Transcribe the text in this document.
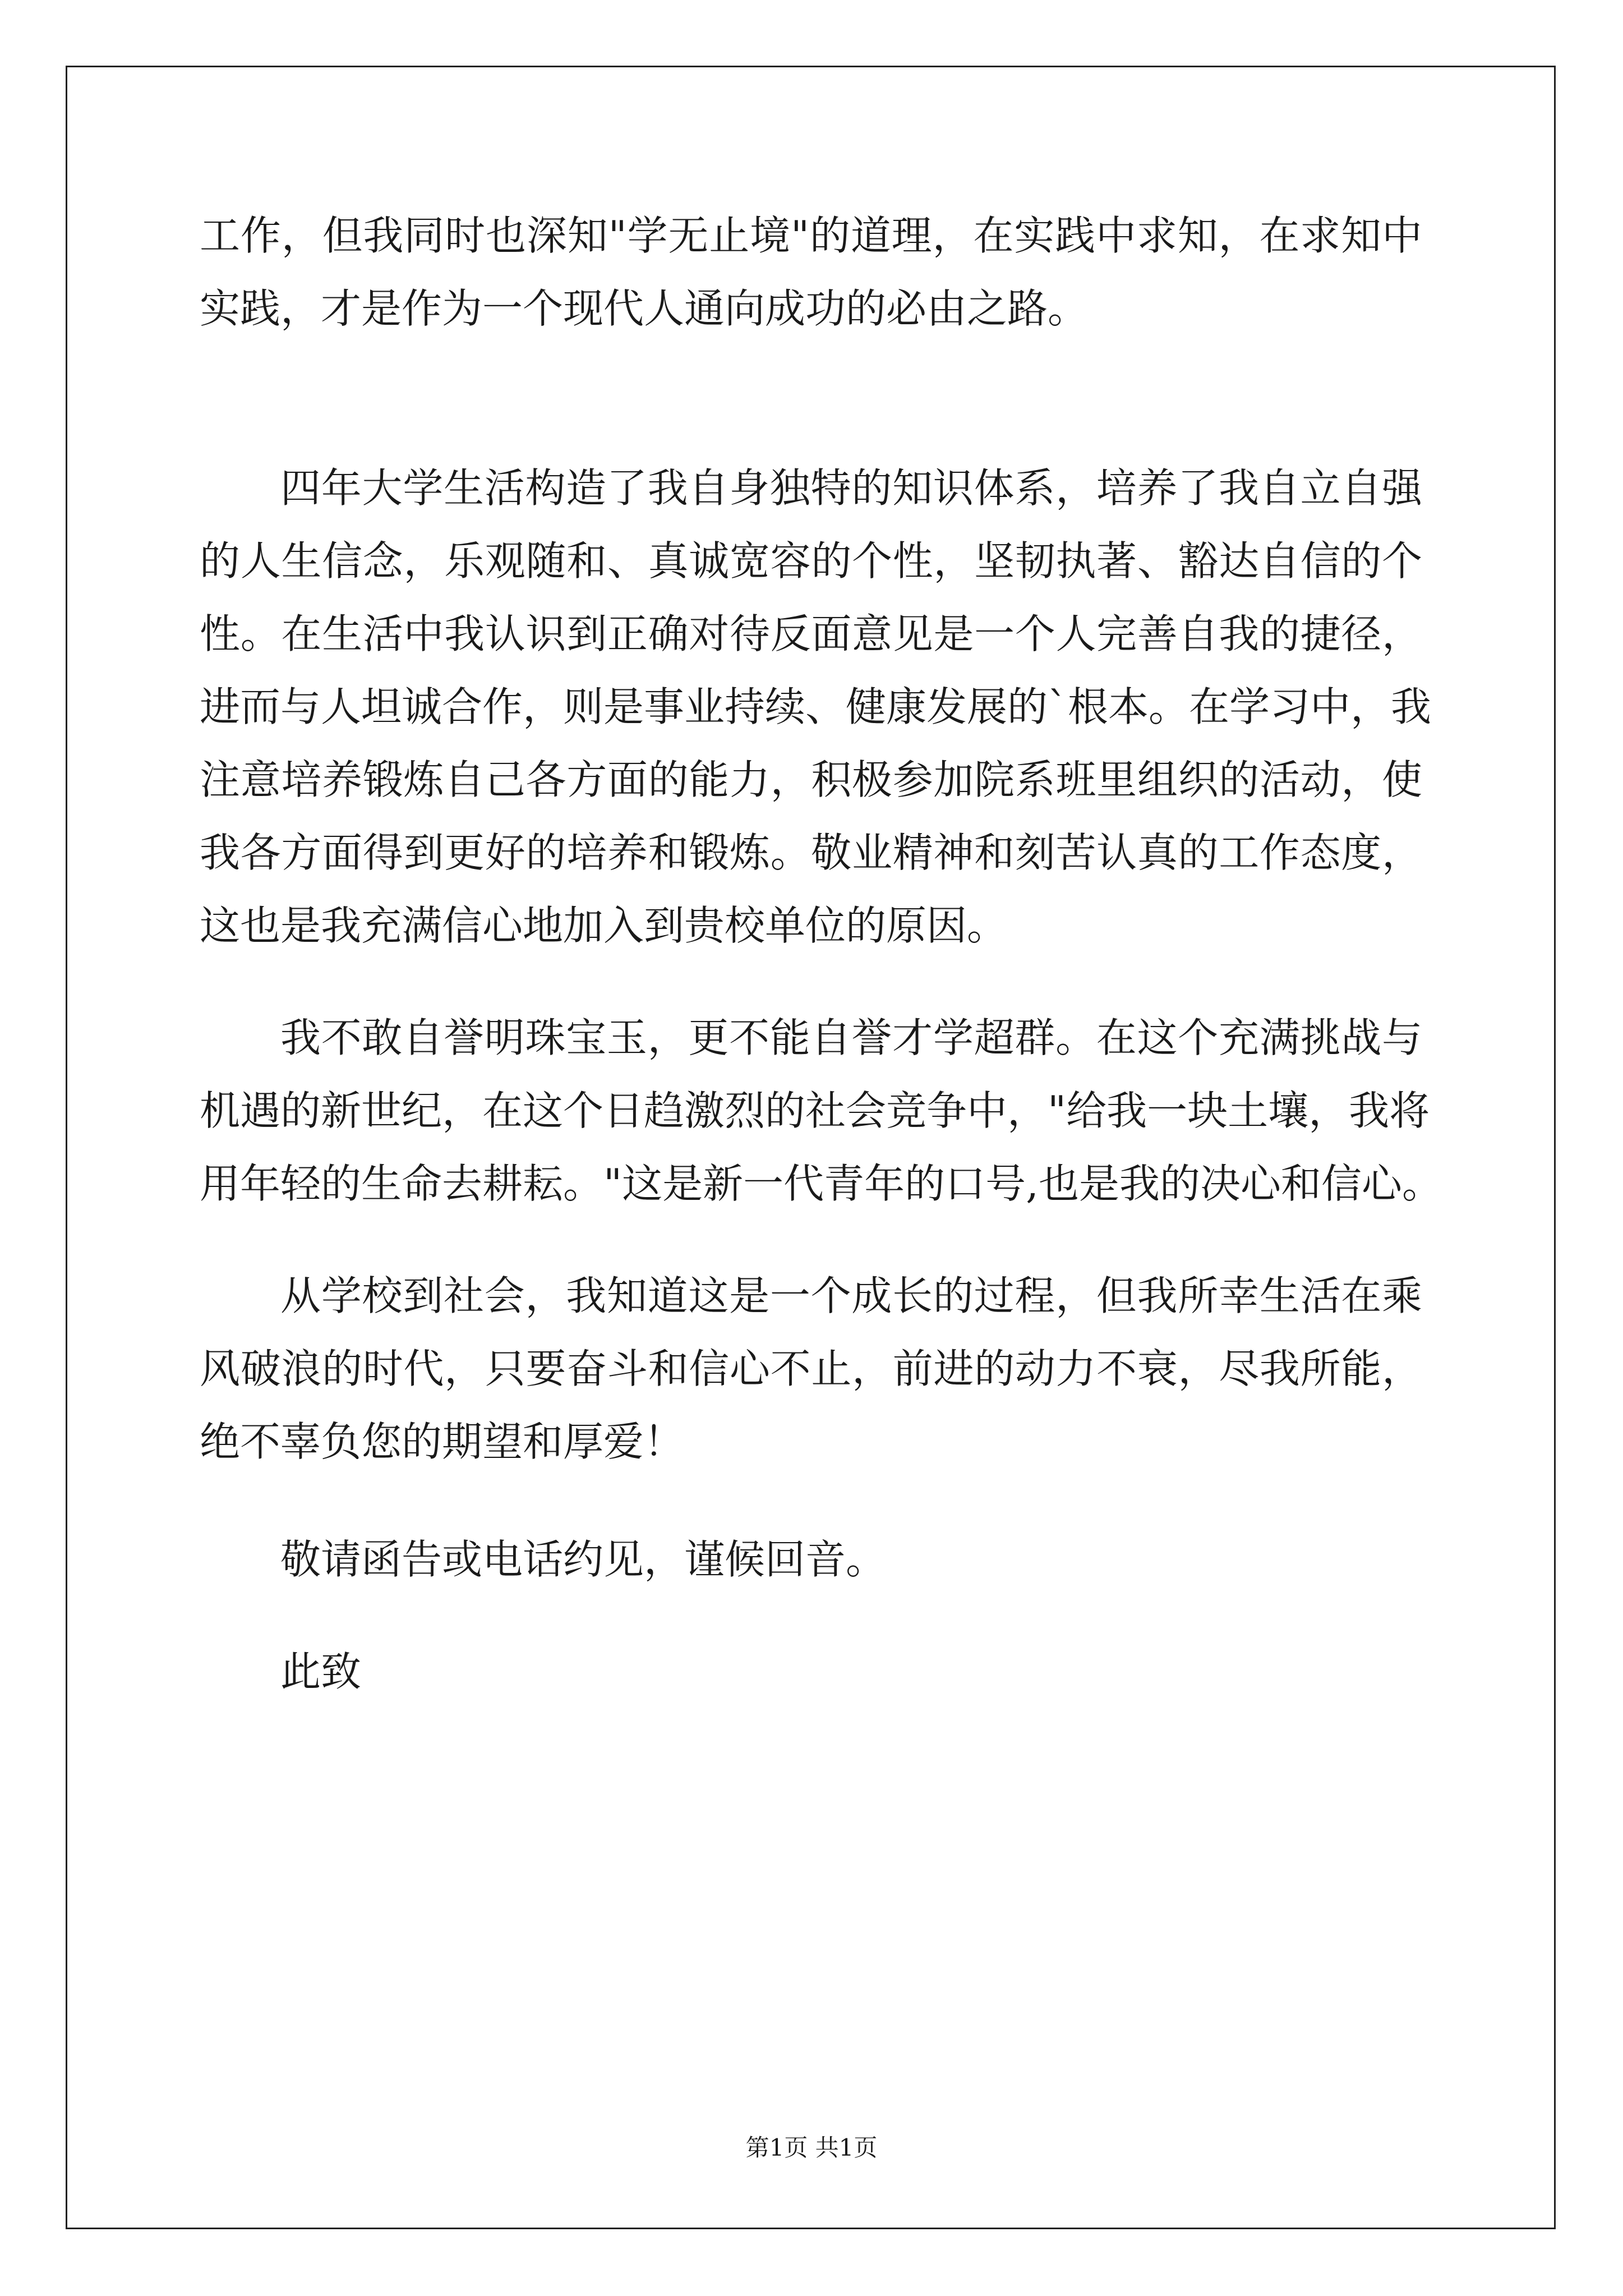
工作，但我同时也深知"学无止境"的道理，在实践中求知，在求知中
实践，才是作为一个现代人通向成功的必由之路。
四年大学生活构造了我自身独特的知识体系，培养了我自立自强
的人生信念，乐观随和、真诚宽容的个性，坚韧执著、豁达自信的个
性。在生活中我认识到正确对待反面意见是一个人完善自我的捷径，
进而与人坦诚合作，则是事业持续、健康发展的`根本。在学习中，我
注意培养锻炼自己各方面的能力，积极参加院系班里组织的活动，使
我各方面得到更好的培养和锻炼。敬业精神和刻苦认真的工作态度，
这也是我充满信心地加入到贵校单位的原因。
我不敢自誉明珠宝玉，更不能自誉才学超群。在这个充满挑战与
机遇的新世纪，在这个日趋激烈的社会竞争中，"给我一块土壤，我将
用年轻的生命去耕耘。"这是新一代青年的口号,也是我的决心和信心。
从学校到社会，我知道这是一个成长的过程，但我所幸生活在乘
风破浪的时代，只要奋斗和信心不止，前进的动力不衰，尽我所能，
绝不辜负您的期望和厚爱！
敬请函告或电话约见，谨候回音。
此致
第1页 共1页
